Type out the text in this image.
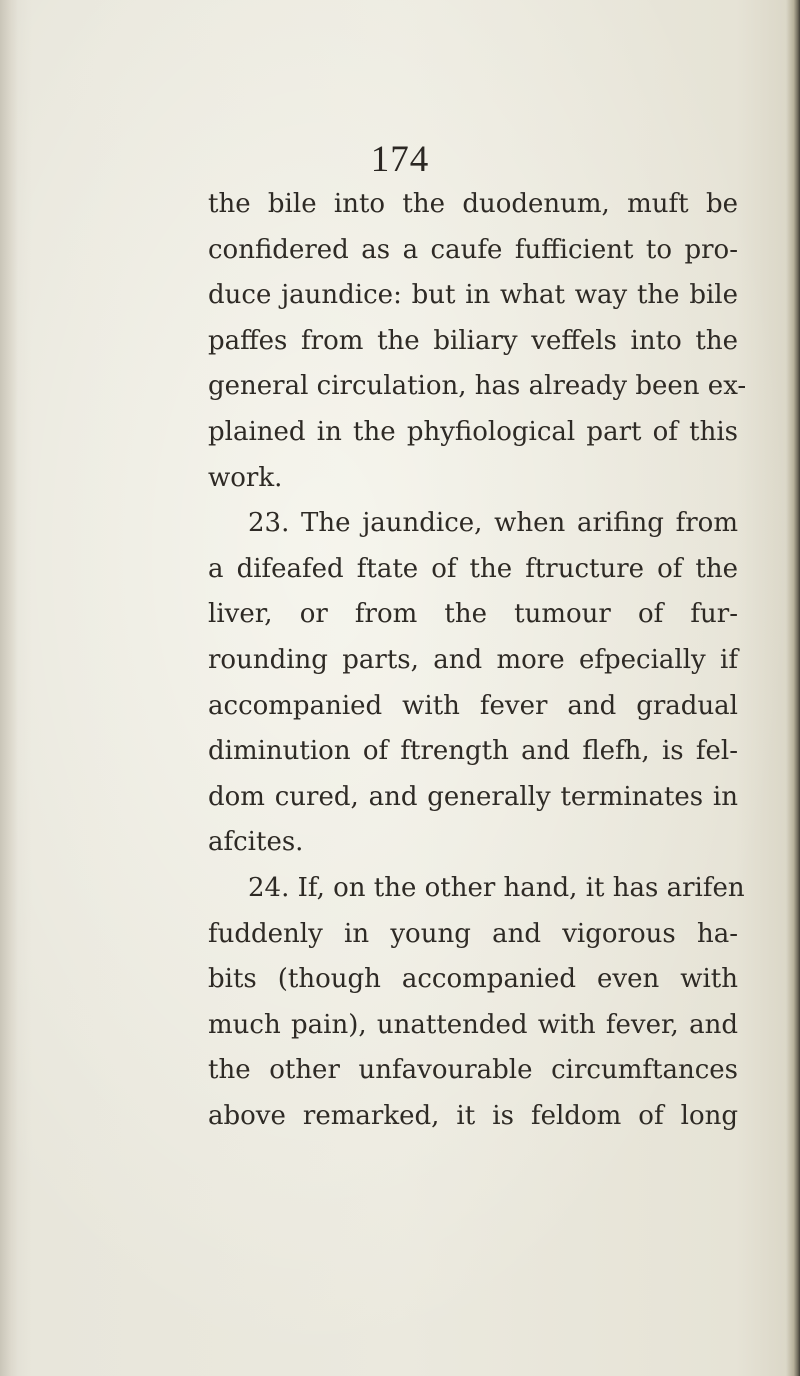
174
the bile into the duodenum, muft be
confidered as a caufe fufficient to pro-
duce jaundice: but in what way the bile
paffes from the biliary veffels into the
general circulation, has already been ex-
plained in the phyfiological part of this
work.
23. The jaundice, when arifing from
a difeafed ftate of the ftructure of the
liver, or from the tumour of fur-
rounding parts, and more efpecially if
accompanied with fever and gradual
diminution of ftrength and flefh, is fel-
dom cured, and generally terminates in
afcites.
24. If, on the other hand, it has arifen
fuddenly in young and vigorous ha-
bits (though accompanied even with
much pain), unattended with fever, and
the other unfavourable circumftances
above remarked, it is feldom of long
